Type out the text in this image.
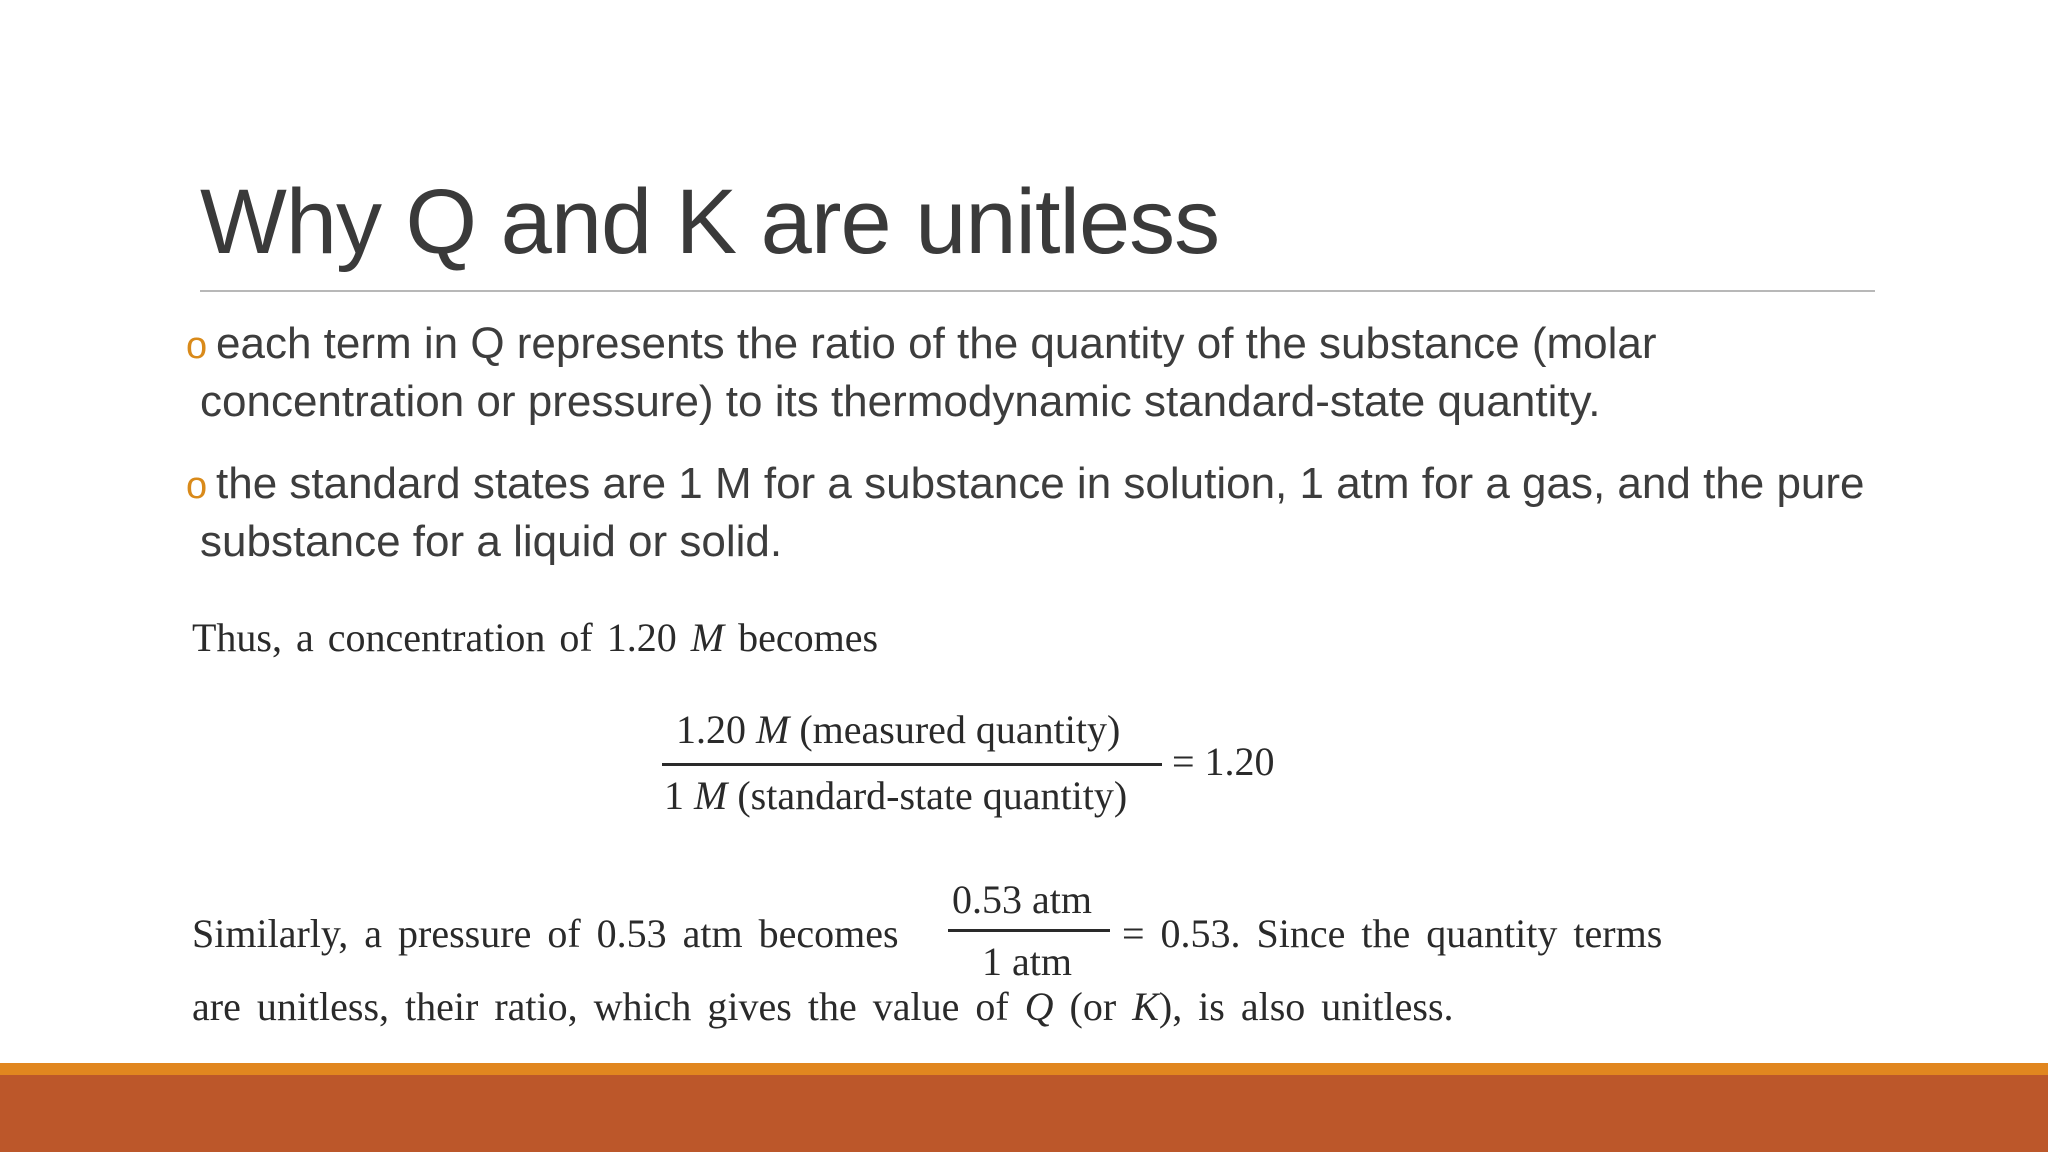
Why Q and K are unitless
o each term in Q represents the ratio of the quantity of the substance (molar concentration or pressure) to its thermodynamic standard-state quantity.
o the standard states are 1 M for a substance in solution, 1 atm for a gas, and the pure substance for a liquid or solid.
Thus, a concentration of 1.20 M becomes
1.20 M (measured quantity)
1 M (standard-state quantity)
= 1.20
Similarly, a pressure of 0.53 atm becomes
0.53 atm
1 atm
= 0.53. Since the quantity terms
are unitless, their ratio, which gives the value of Q (or K), is also unitless.
